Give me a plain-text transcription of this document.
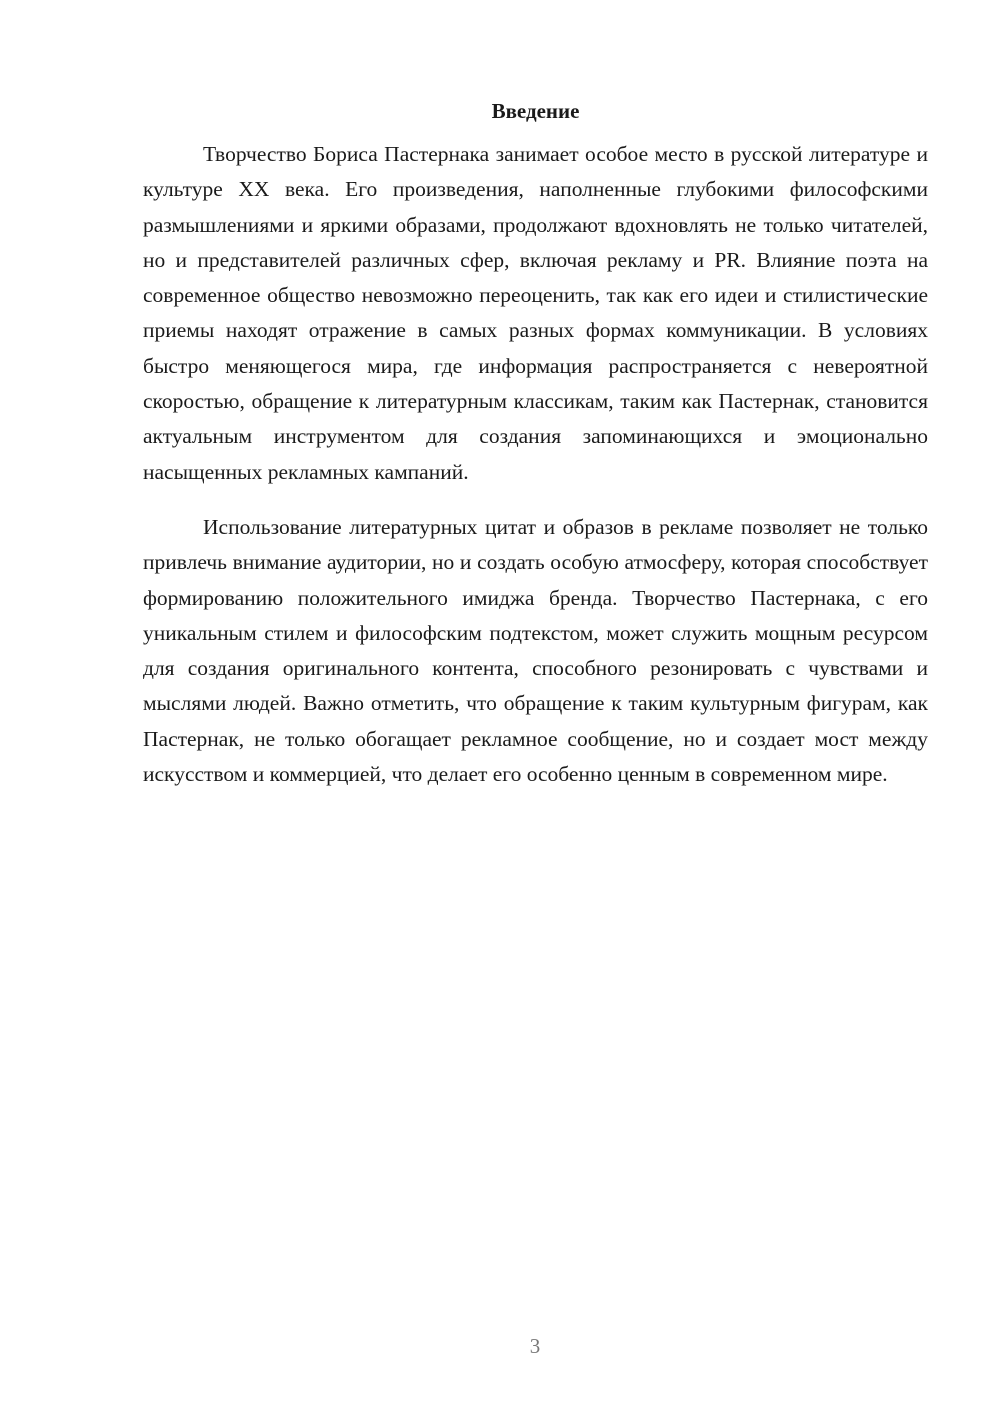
Введение

Творчество Бориса Пастернака занимает особое место в русской литературе и культуре XX века. Его произведения, наполненные глубокими философскими размышлениями и яркими образами, продолжают вдохновлять не только читателей, но и представителей различных сфер, включая рекламу и PR. Влияние поэта на современное общество невозможно переоценить, так как его идеи и стилистические приемы находят отражение в самых разных формах коммуникации. В условиях быстро меняющегося мира, где информация распространяется с невероятной скоростью, обращение к литературным классикам, таким как Пастернак, становится актуальным инструментом для создания запоминающихся и эмоционально насыщенных рекламных кампаний.

Использование литературных цитат и образов в рекламе позволяет не только привлечь внимание аудитории, но и создать особую атмосферу, которая способствует формированию положительного имиджа бренда. Творчество Пастернака, с его уникальным стилем и философским подтекстом, может служить мощным ресурсом для создания оригинального контента, способного резонировать с чувствами и мыслями людей. Важно отметить, что обращение к таким культурным фигурам, как Пастернак, не только обогащает рекламное сообщение, но и создает мост между искусством и коммерцией, что делает его особенно ценным в современном мире.

3
